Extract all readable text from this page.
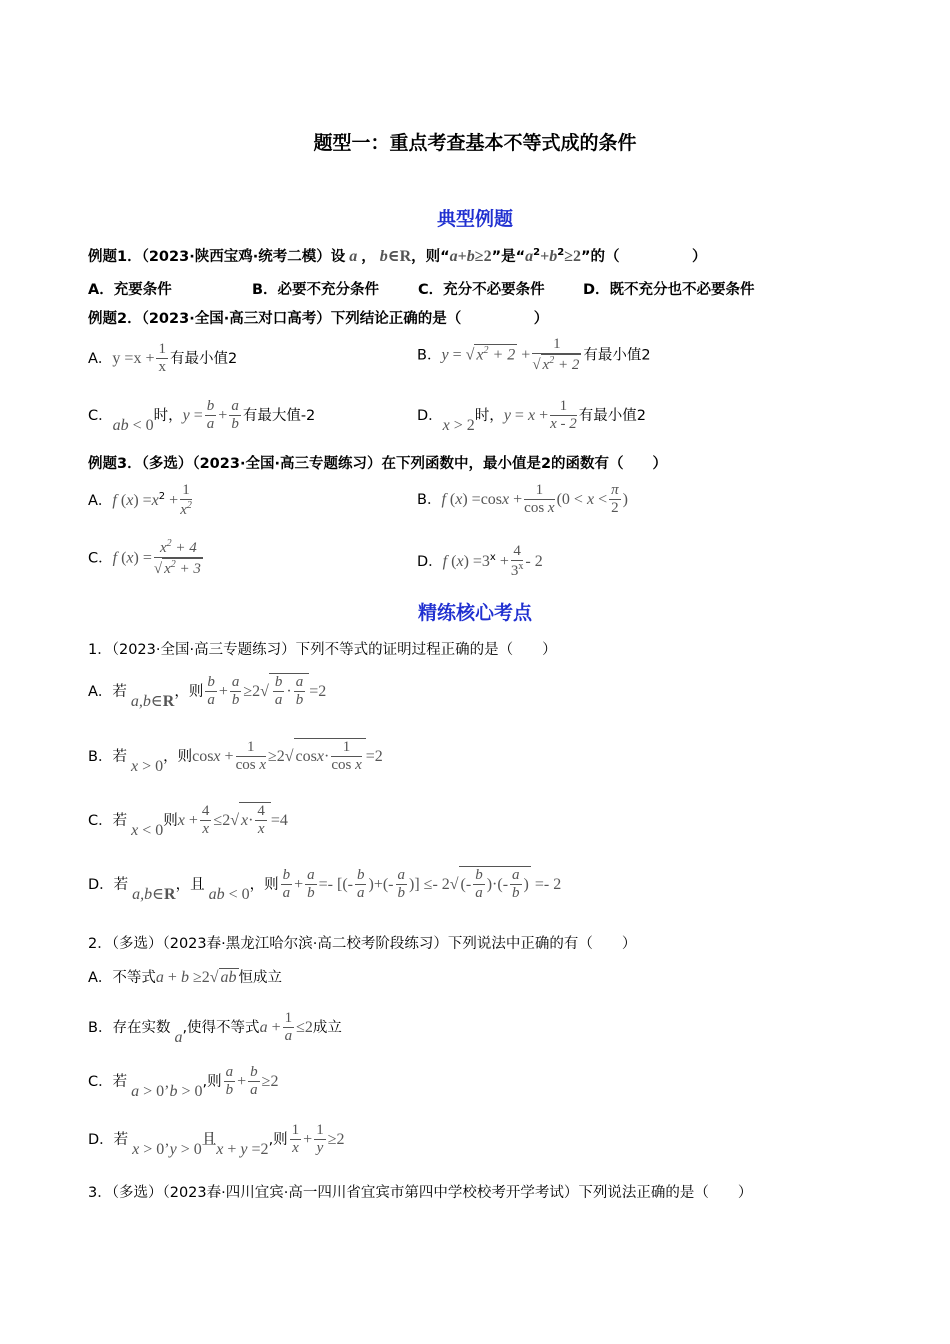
题型一：重点考查基本不等式成的条件
典型例题
例题1．（2023·陕西宝鸡·统考二模）设 a ， b∈R，则“a+b≥2”是“$a^2+b^2\ge 2$”的（　　　　　）
A．充要条件	B．必要不充分条件	C．充分不必要条件	D．既不充分也不必要条件
例题2．（2023·全国·高三对口高考）下列结论正确的是（　　　　　）
A．$y =x + \frac{1}{x}$ 有最小值2	B．y = √ $x^2 + 2 + \frac{1}{√ x^2 + 2}$ 有最小值2
C．ab < 0时，$y = \frac{b}{a} + \frac{a}{b}$ 有最大值-2	D．x > 2时，$y = x + \frac{1}{x - 2}$ 有最小值2
例题3．（多选）（2023·全国·高三专题练习）在下列函数中，最小值是2的函数有（　　）
A．f $(x) =x^2 + \frac{1}{x^2}$	B．f $(x) =\cos x + \frac{1}{\text{cos x}} (0 < x < \frac{\pi}{2}$ )
C．f $(x) = \frac{x^2 + 4}{√ x^2 + 3}$	D．f $(x) =3^x + \frac{4}{3^x} - 2$
精练核心考点
1．（2023·全国·高三专题练习）下列不等式的证明过程正确的是（　　）
A．若 a,b∈R，则 $\frac{b}{a} + \frac{a}{b} \ge 2√ \frac{b}{a} \cdot \frac{a}{b} =2$
B．若 x > 0，则$\cos x + \frac{1}{\text{cos x}} \ge 2√$ $\cos x\cdot \frac{1}{\text{cos x}} =2$
C．若 x < 0则$x + \frac{4}{x} \le 2√$ $x\cdot \frac{4}{x} =4$
D．若 a,b∈R，且 ab < 0，则 $\frac{b}{a} + \frac{a}{b}$ =- [(- $\frac{b}{a}$ )+(- $\frac{a}{b}$ )] ≤- 2√ (- $\frac{b}{a}$ )·(- $\frac{a}{b}$ ) =- 2
2．（多选）（2023春·黑龙江哈尔滨·高二校考阶段练习）下列说法中正确的有（　　）
A．不等式a + b ≥2√ ab 恒成立
B．存在实数 a,使得不等式$a + \frac{1}{a} \le 2$成立
C．若 a > 0’b > 0,则 $\frac{a}{b} + \frac{b}{a} \ge 2$
D．若 x > 0’y > 0且x + y =2,则 $\frac{1}{x} + \frac{1}{y} \ge 2$
3．（多选）（2023春·四川宜宾·高一四川省宜宾市第四中学校校考开学考试）下列说法正确的是（　　）
